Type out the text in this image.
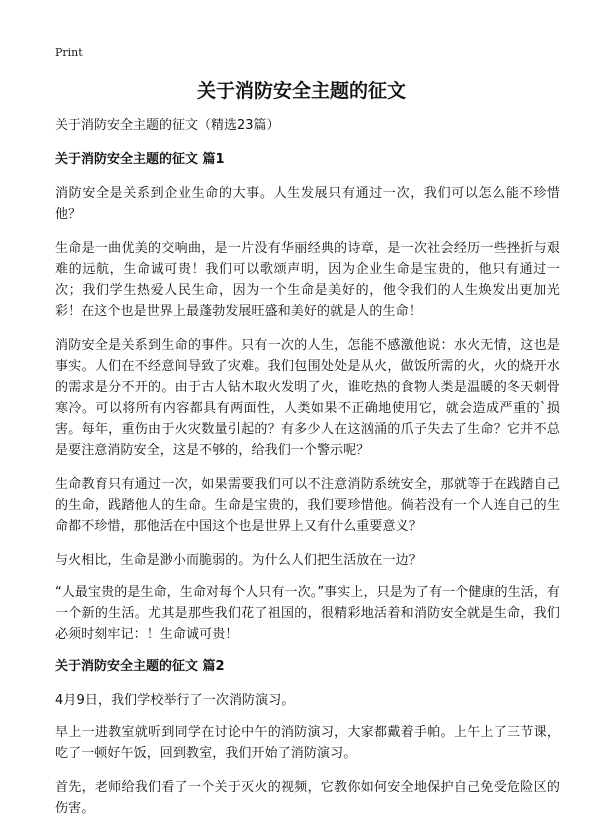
Print
关于消防安全主题的征文
关于消防安全主题的征文（精选23篇）
关于消防安全主题的征文 篇1

消防安全是关系到企业生命的大事。人生发展只有通过一次，我们可以怎么能不珍惜他？

生命是一曲优美的交响曲，是一片没有华丽经典的诗章，是一次社会经历一些挫折与艰难的远航，生命诚可贵！我们可以歌颂声明，因为企业生命是宝贵的，他只有通过一次；我们学生热爱人民生命，因为一个生命是美好的，他令我们的人生焕发出更加光彩！在这个也是世界上最蓬勃发展旺盛和美好的就是人的生命！

消防安全是关系到生命的事件。只有一次的人生，怎能不感激他说：水火无情，这也是事实。人们在不经意间导致了灾难。我们包围处处是从火，做饭所需的火，火的烧开水的需求是分不开的。由于古人钻木取火发明了火，谁吃热的食物人类是温暖的冬天刺骨寒冷。可以将所有内容都具有两面性，人类如果不正确地使用它，就会造成严重的`损害。每年，重伤由于火灾数量引起的？有多少人在这汹涌的爪子失去了生命？它并不总是要注意消防安全，这是不够的，给我们一个警示呢？

生命教育只有通过一次，如果需要我们可以不注意消防系统安全，那就等于在践踏自己的生命，践踏他人的生命。生命是宝贵的，我们要珍惜他。倘若没有一个人连自己的生命都不珍惜，那他活在中国这个也是世界上又有什么重要意义？

与火相比，生命是渺小而脆弱的。为什么人们把生活放在一边？

“人最宝贵的是生命，生命对每个人只有一次。”事实上，只是为了有一个健康的生活，有一个新的生活。尤其是那些我们花了祖国的，很精彩地活着和消防安全就是生命，我们必须时刻牢记：！生命诚可贵！

关于消防安全主题的征文 篇2

4月9日，我们学校举行了一次消防演习。

早上一进教室就听到同学在讨论中午的消防演习，大家都戴着手帕。上午上了三节课，吃了一顿好午饭，回到教室，我们开始了消防演习。

首先，老师给我们看了一个关于灭火的视频，它教你如何安全地保护自己免受危险区的伤害。
